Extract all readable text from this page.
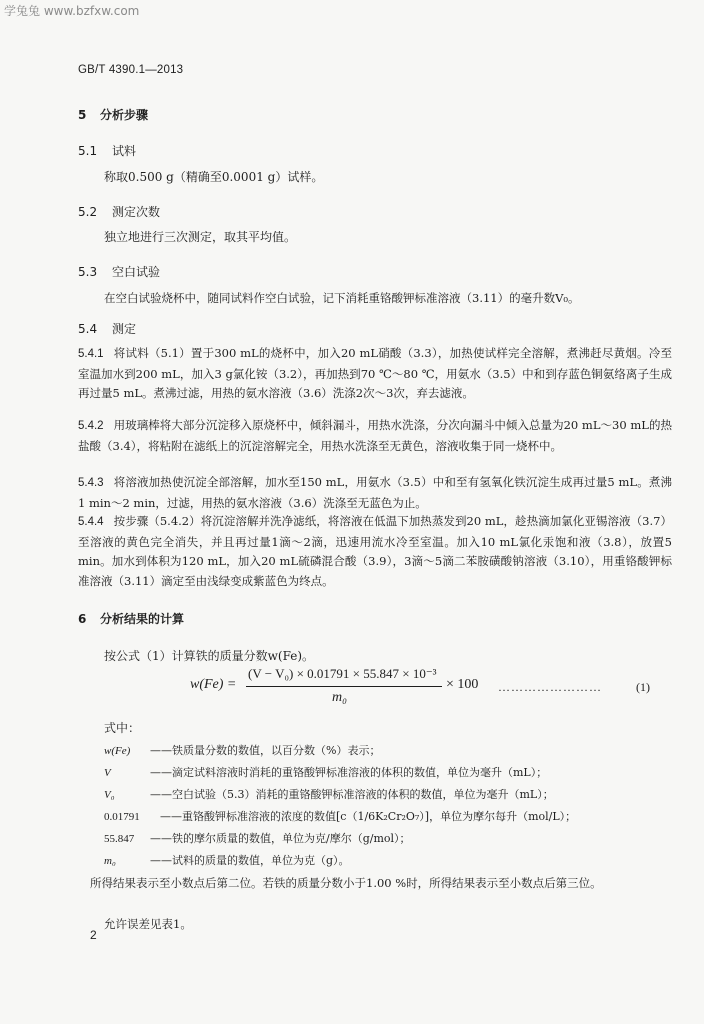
学兔兔 www.bzfxw.com
GB/T 4390.1—2013
5 分析步骤
5.1 试料
称取0.500 g（精确至0.0001 g）试样。
5.2 测定次数
独立地进行三次测定，取其平均值。
5.3 空白试验
在空白试验烧杯中，随同试料作空白试验，记下消耗重铬酸钾标准溶液（3.11）的毫升数V₀。
5.4 测定
5.4.1 将试料（5.1）置于300 mL的烧杯中，加入20 mL硝酸（3.3），加热使试样完全溶解，煮沸赶尽黄烟。冷至室温加水到200 mL，加入3 g氯化铵（3.2），再加热到70 ℃～80 ℃，用氨水（3.5）中和到存蓝色铜氨络离子生成再过量5 mL。煮沸过滤，用热的氨水溶液（3.6）洗涤2次～3次，弃去滤液。
5.4.2 用玻璃棒将大部分沉淀移入原烧杯中，倾斜漏斗，用热水洗涤，分次向漏斗中倾入总量为20 mL～30 mL的热盐酸（3.4），将粘附在滤纸上的沉淀溶解完全，用热水洗涤至无黄色，溶液收集于同一烧杯中。
5.4.3 将溶液加热使沉淀全部溶解，加水至150 mL，用氨水（3.5）中和至有氢氧化铁沉淀生成再过量5 mL。煮沸1 min～2 min，过滤，用热的氨水溶液（3.6）洗涤至无蓝色为止。
5.4.4 按步骤（5.4.2）将沉淀溶解并洗净滤纸，将溶液在低温下加热蒸发到20 mL，趁热滴加氯化亚锡溶液（3.7）至溶液的黄色完全消失，并且再过量1滴～2滴，迅速用流水冷至室温。加入10 mL氯化汞饱和液（3.8），放置5 min。加水到体积为120 mL，加入20 mL硫磷混合酸（3.9），3滴～5滴二苯胺磺酸钠溶液（3.10），用重铬酸钾标准溶液（3.11）滴定至由浅绿变成紫蓝色为终点。
6 分析结果的计算
按公式（1）计算铁的质量分数w(Fe)。
w(Fe) =
(V − V₀) × 0.01791 × 55.847 × 10⁻³
m₀
× 100 ……………………	(1)
式中：
w(Fe) ——铁质量分数的数值，以百分数（%）表示；
V	——滴定试料溶液时消耗的重铬酸钾标准溶液的体积的数值，单位为毫升（mL）；
V₀	——空白试验（5.3）消耗的重铬酸钾标准溶液的体积的数值，单位为毫升（mL）；
0.01791 ——重铬酸钾标准溶液的浓度的数值[c（1/6K₂Cr₂O₇）]，单位为摩尔每升（mol/L）；
55.847 ——铁的摩尔质量的数值，单位为克/摩尔（g/mol）；
m₀	——试料的质量的数值，单位为克（g）。
所得结果表示至小数点后第二位。若铁的质量分数小于1.00 %时，所得结果表示至小数点后第三位。
允许误差见表1。
2
